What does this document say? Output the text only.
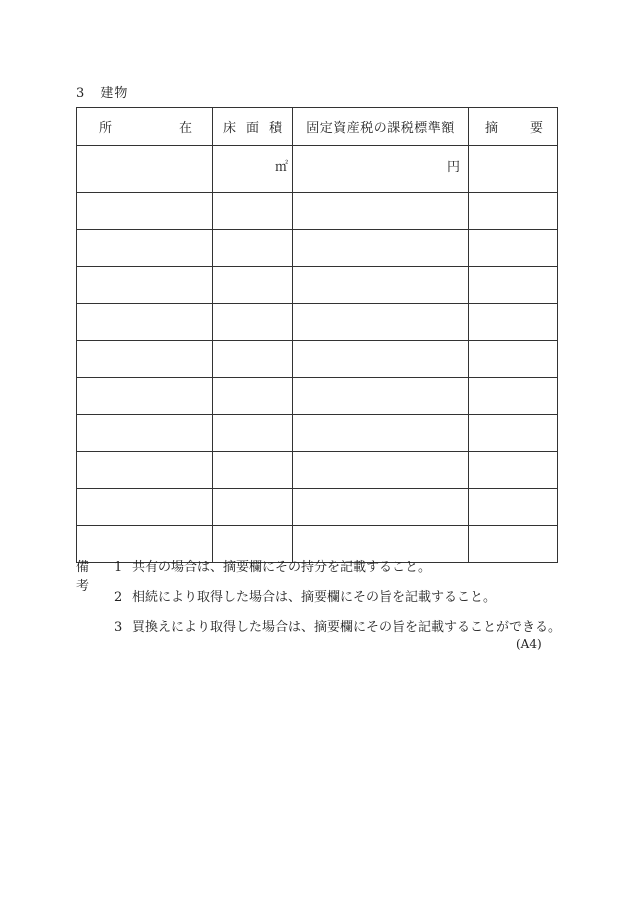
3 建物
所 在	床 面 積	固定資産税の課税標準額	摘 要

	㎡	円	

備考
1 共有の場合は、摘要欄にその持分を記載すること。
2 相続により取得した場合は、摘要欄にその旨を記載すること。
3 買換えにより取得した場合は、摘要欄にその旨を記載することができる。
(A4)
